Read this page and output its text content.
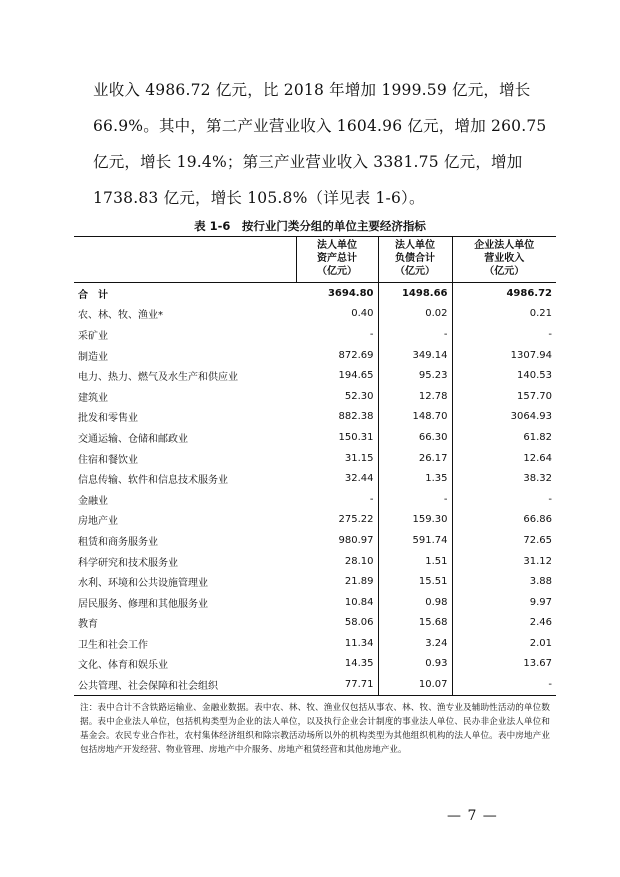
业收入 4986.72 亿元，比 2018 年增加 1999.59 亿元，增长
66.9%。其中，第二产业营业收入 1604.96 亿元，增加 260.75
亿元，增长 19.4%；第三产业营业收入 3381.75 亿元，增加
1738.83 亿元，增长 105.8%（详见表 1-6）。
表 1-6　按行业门类分组的单位主要经济指标
	法人单位
资产总计
（亿元）	法人单位
负债合计
（亿元）	企业法人单位
营业收入
（亿元）
合　计	3694.80	1498.66	4986.72
农、林、牧、渔业*	0.40	0.02	0.21
采矿业	-	-	-
制造业	872.69	349.14	1307.94
电力、热力、燃气及水生产和供应业	194.65	95.23	140.53
建筑业	52.30	12.78	157.70
批发和零售业	882.38	148.70	3064.93
交通运输、仓储和邮政业	150.31	66.30	61.82
住宿和餐饮业	31.15	26.17	12.64
信息传输、软件和信息技术服务业	32.44	1.35	38.32
金融业	-	-	-
房地产业	275.22	159.30	66.86
租赁和商务服务业	980.97	591.74	72.65
科学研究和技术服务业	28.10	1.51	31.12
水利、环境和公共设施管理业	21.89	15.51	3.88
居民服务、修理和其他服务业	10.84	0.98	9.97
教育	58.06	15.68	2.46
卫生和社会工作	11.34	3.24	2.01
文化、体育和娱乐业	14.35	0.93	13.67
公共管理、社会保障和社会组织	77.71	10.07	-

注：表中合计不含铁路运输业、金融业数据。表中农、林、牧、渔业仅包括从事农、林、牧、渔专业及辅助性活动的单位数据。表中企业法人单位，包括机构类型为企业的法人单位，以及执行企业会计制度的事业法人单位、民办非企业法人单位和基金会。农民专业合作社，农村集体经济组织和除宗教活动场所以外的机构类型为其他组织机构的法人单位。表中房地产业包括房地产开发经营、物业管理、房地产中介服务、房地产租赁经营和其他房地产业。

— 7 —
